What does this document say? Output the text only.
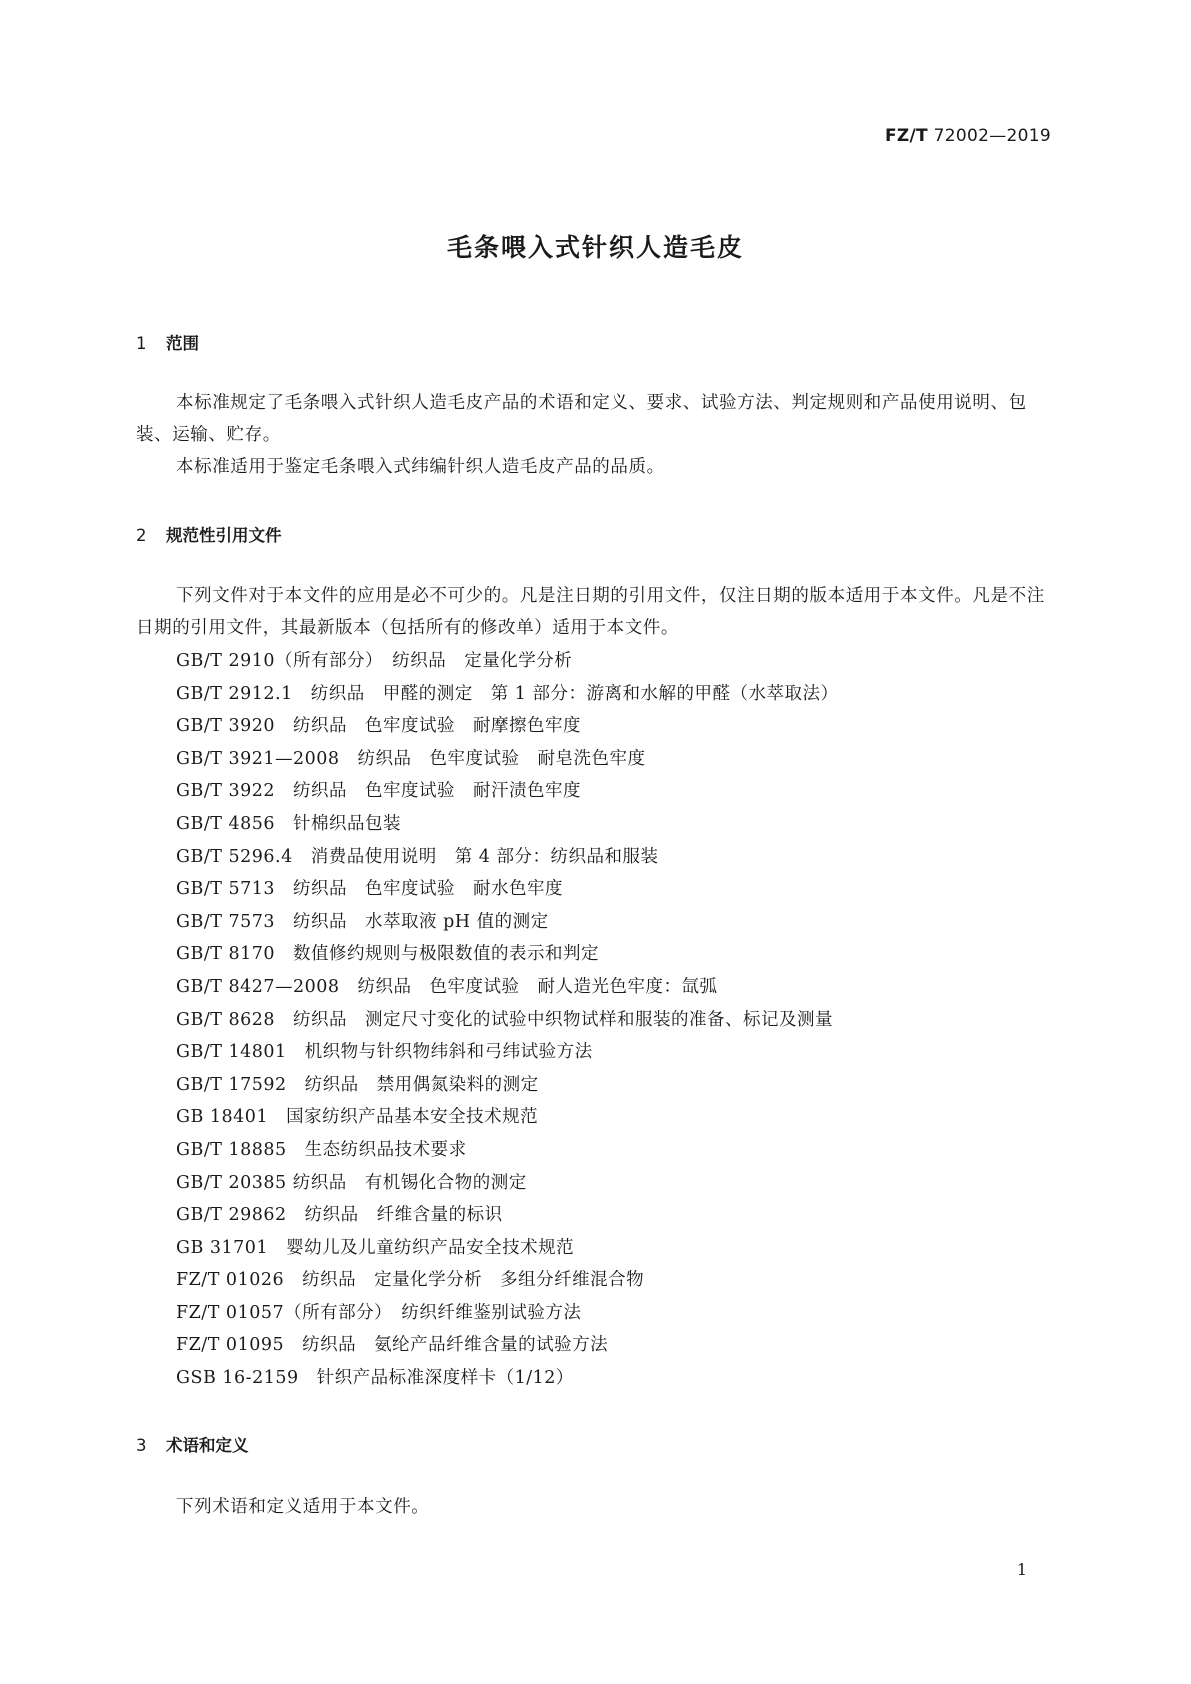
FZ/T 72002—2019
毛条喂入式针织人造毛皮
1 范围

本标准规定了毛条喂入式针织人造毛皮产品的术语和定义、要求、试验方法、判定规则和产品使用说明、包装、运输、贮存。

本标准适用于鉴定毛条喂入式纬编针织人造毛皮产品的品质。

2 规范性引用文件

下列文件对于本文件的应用是必不可少的。凡是注日期的引用文件，仅注日期的版本适用于本文件。凡是不注日期的引用文件，其最新版本（包括所有的修改单）适用于本文件。

GB/T 2910（所有部分）　纺织品　定量化学分析
GB/T 2912.1　纺织品　甲醛的测定　第 1 部分：游离和水解的甲醛（水萃取法）
GB/T 3920　纺织品　色牢度试验　耐摩擦色牢度
GB/T 3921—2008　纺织品　色牢度试验　耐皂洗色牢度
GB/T 3922　纺织品　色牢度试验　耐汗渍色牢度
GB/T 4856　针棉织品包装
GB/T 5296.4　消费品使用说明　第 4 部分：纺织品和服装
GB/T 5713　纺织品　色牢度试验　耐水色牢度
GB/T 7573　纺织品　水萃取液 pH 值的测定
GB/T 8170　数值修约规则与极限数值的表示和判定
GB/T 8427—2008　纺织品　色牢度试验　耐人造光色牢度：氙弧
GB/T 8628　纺织品　测定尺寸变化的试验中织物试样和服装的准备、标记及测量
GB/T 14801　机织物与针织物纬斜和弓纬试验方法
GB/T 17592　纺织品　禁用偶氮染料的测定
GB 18401　国家纺织产品基本安全技术规范
GB/T 18885　生态纺织品技术要求
GB/T 20385 纺织品　有机锡化合物的测定
GB/T 29862　纺织品　纤维含量的标识
GB 31701　婴幼儿及儿童纺织产品安全技术规范
FZ/T 01026　纺织品　定量化学分析　多组分纤维混合物
FZ/T 01057（所有部分）　纺织纤维鉴别试验方法
FZ/T 01095　纺织品　氨纶产品纤维含量的试验方法
GSB 16-2159　针织产品标准深度样卡（1/12）
3 术语和定义

下列术语和定义适用于本文件。

1
